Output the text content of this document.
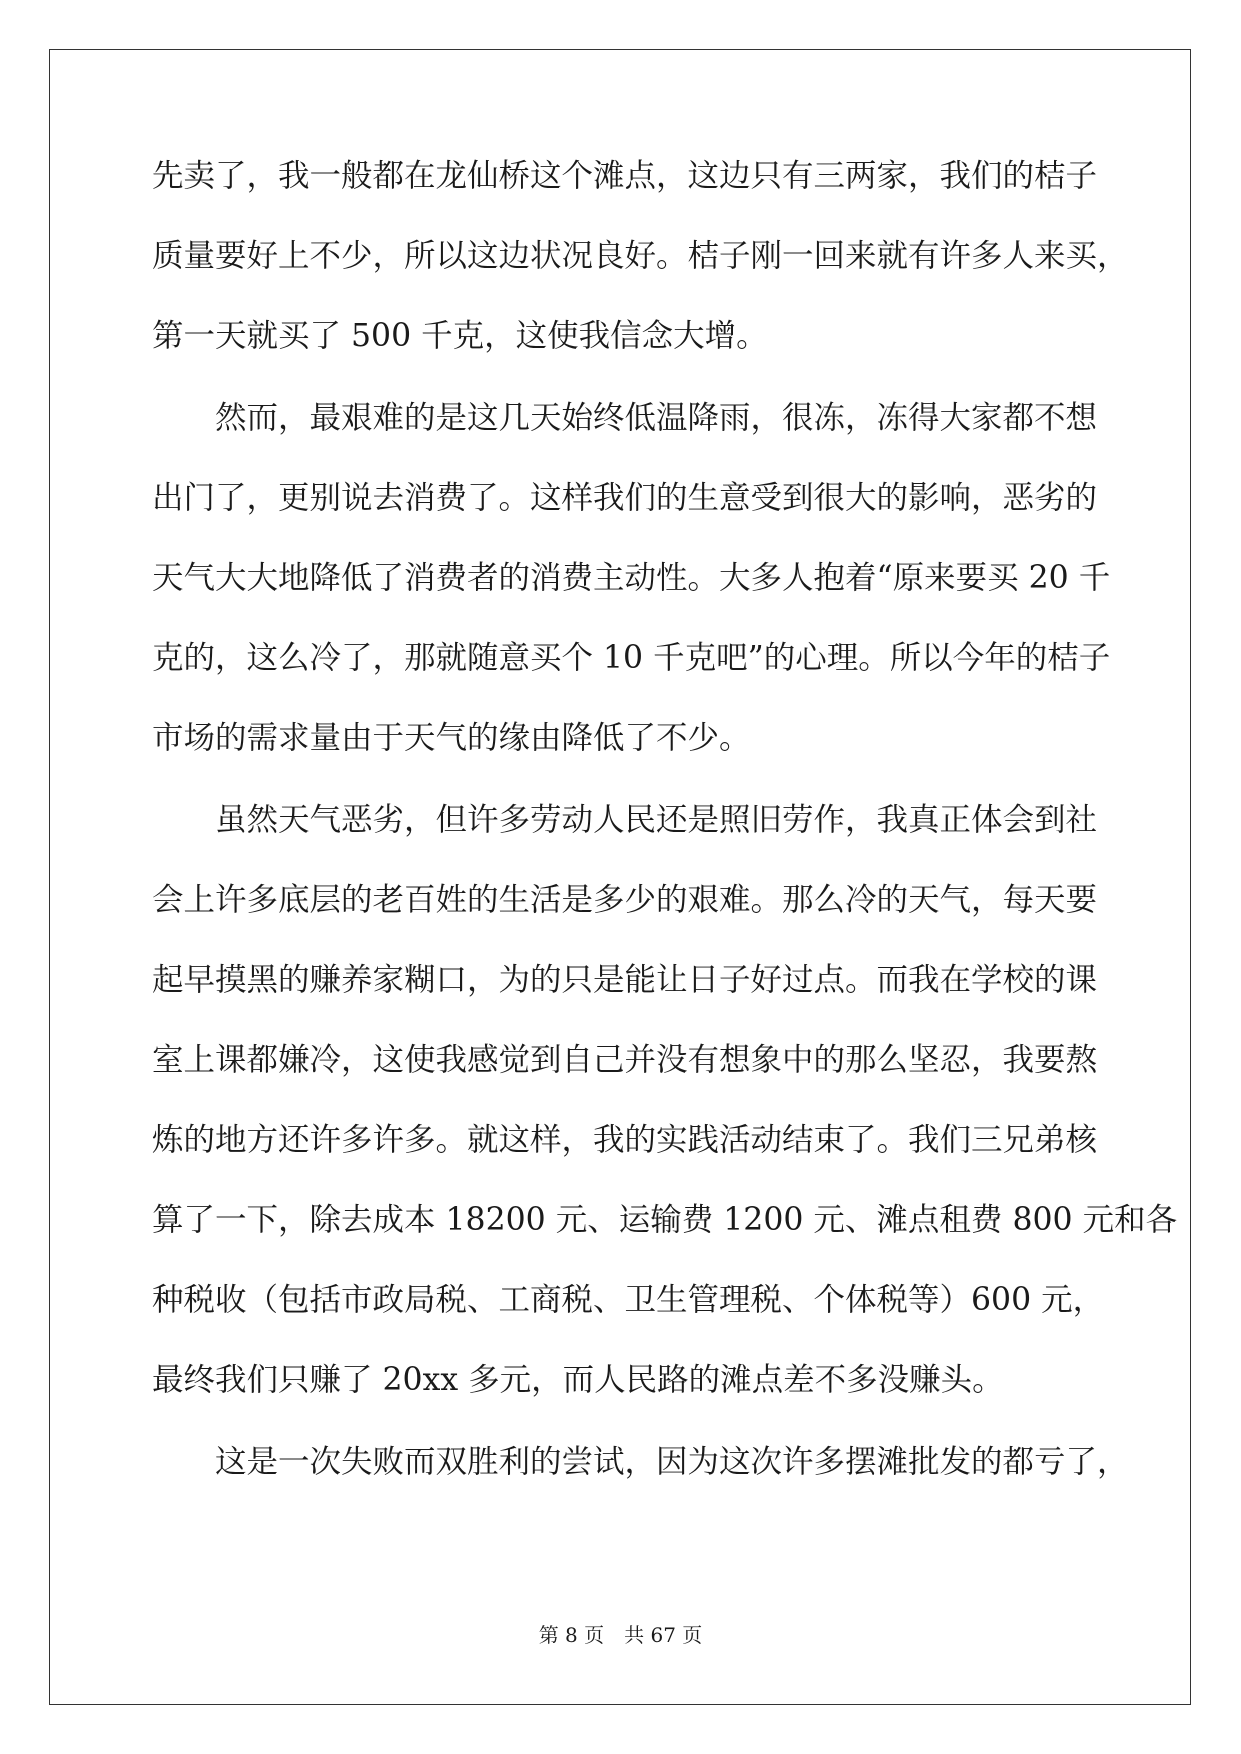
先卖了，我一般都在龙仙桥这个滩点，这边只有三两家，我们的桔子
质量要好上不少，所以这边状况良好。桔子刚一回来就有许多人来买，
第一天就买了 500 千克，这使我信念大增。
　　然而，最艰难的是这几天始终低温降雨，很冻，冻得大家都不想
出门了，更别说去消费了。这样我们的生意受到很大的影响，恶劣的
天气大大地降低了消费者的消费主动性。大多人抱着“原来要买 20 千
克的，这么冷了，那就随意买个 10 千克吧”的心理。所以今年的桔子
市场的需求量由于天气的缘由降低了不少。
　　虽然天气恶劣，但许多劳动人民还是照旧劳作，我真正体会到社
会上许多底层的老百姓的生活是多少的艰难。那么冷的天气，每天要
起早摸黑的赚养家糊口，为的只是能让日子好过点。而我在学校的课
室上课都嫌冷，这使我感觉到自己并没有想象中的那么坚忍，我要熬
炼的地方还许多许多。就这样，我的实践活动结束了。我们三兄弟核
算了一下，除去成本 18200 元、运输费 1200 元、滩点租费 800 元和各
种税收（包括市政局税、工商税、卫生管理税、个体税等）600 元，
最终我们只赚了 20xx 多元，而人民路的滩点差不多没赚头。
　　这是一次失败而双胜利的尝试，因为这次许多摆滩批发的都亏了，
第 8 页　共 67 页
